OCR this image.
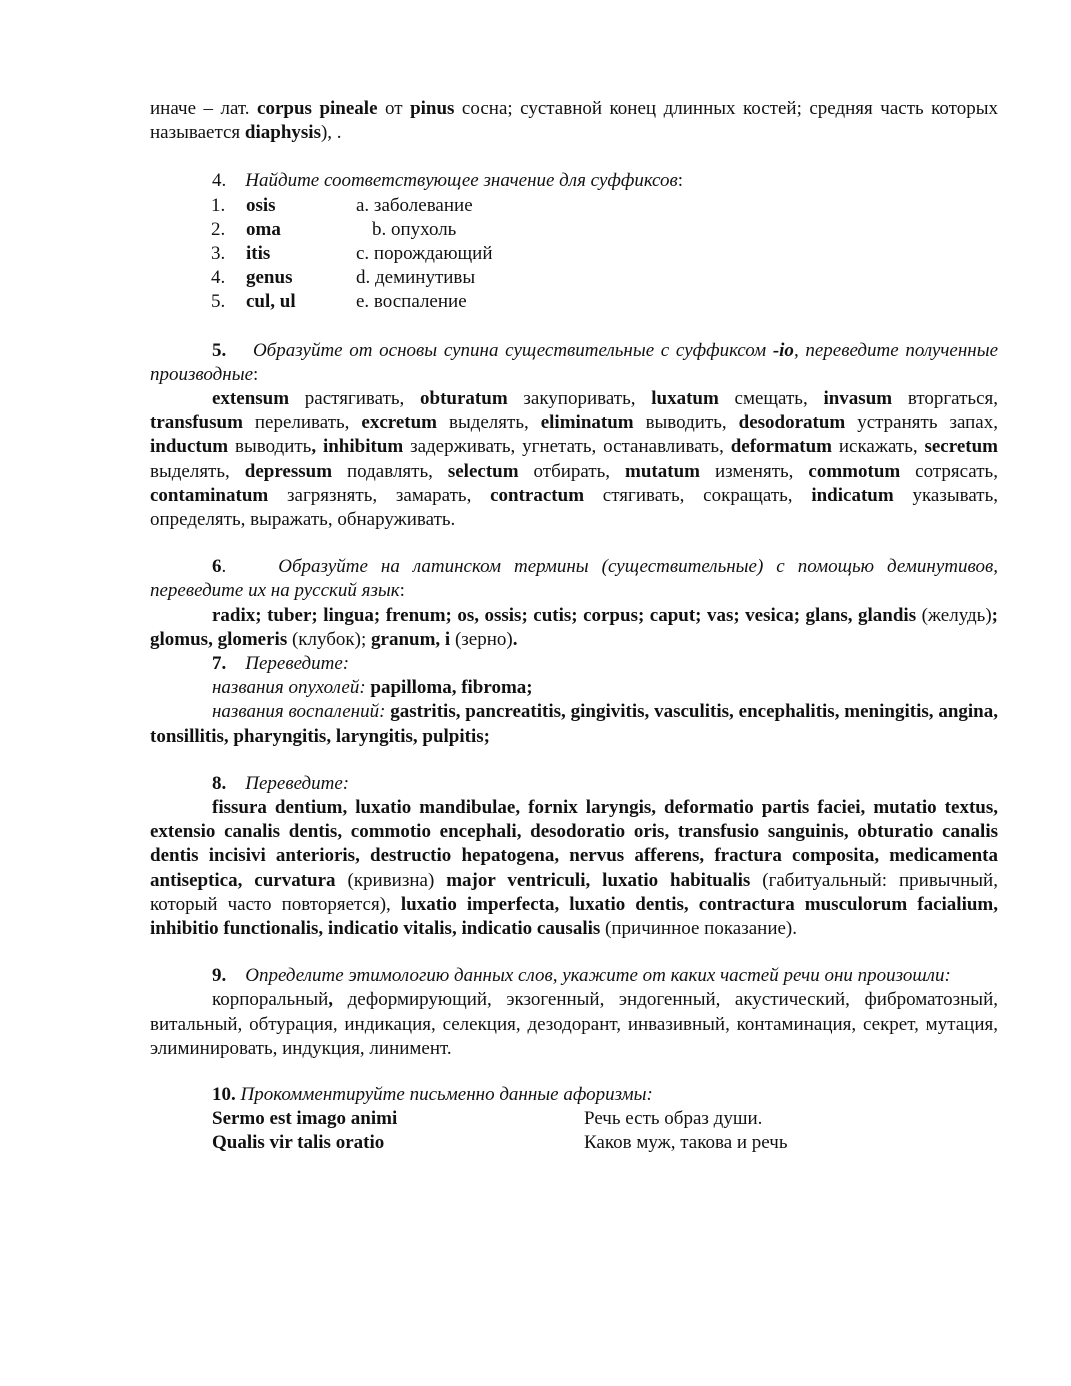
иначе – лат. corpus pineale от pinus сосна; суставной конец длинных костей; средняя часть которых называется diaphysis), .

4.    Найдите соответствующее значение для суффиксов:

1.	osis	a. заболевание
2.	oma	b. опухоль
3.	itis	c. порождающий
4.	genus	d. деминутивы
5.	cul, ul	e. воспаление

5. Образуйте от основы супина существительные с суффиксом -io, переведите полученные производные:

extensum растягивать, obturatum закупоривать, luxatum смещать, invasum вторгаться, transfusum переливать, excretum выделять, eliminatum выводить, desodoratum устранять запах, inductum выводить, inhibitum задерживать, угнетать, останавливать, deformatum искажать, secretum выделять, depressum подавлять, selectum отбирать, mutatum изменять, commotum сотрясать, contaminatum загрязнять, замарать, contractum стягивать, сокращать, indicatum указывать, определять, выражать, обнаруживать.

6.    Образуйте на латинском термины (существительные) с помощью деминутивов, переведите их на русский язык:

radix; tuber; lingua; frenum; os, ossis; cutis; corpus; caput; vas; vesica; glans, glandis (желудь); glomus, glomeris (клубок); granum, i (зерно).

7. Переведите:

названия опухолей: papilloma, fibroma;

названия воспалений: gastritis, pancreatitis, gingivitis, vasculitis, encephalitis, meningitis, angina, tonsillitis, pharyngitis, laryngitis, pulpitis;

8. Переведите:

fissura dentium, luxatio mandibulae, fornix laryngis, deformatio partis faciei, mutatio textus, extensio canalis dentis, commotio encephali, desodoratio oris, transfusio sanguinis, obturatio canalis dentis incisivi anterioris, destructio hepatogena, nervus afferens, fractura composita, medicamenta antiseptica, curvatura (кривизна) major ventriculi, luxatio habitualis (габитуальный: привычный, который часто повторяется), luxatio imperfecta, luxatio dentis, contractura musculorum facialium, inhibitio functionalis, indicatio vitalis, indicatio causalis (причинное показание).

9. Определите этимологию данных слов, укажите от каких частей речи они произошли:

корпоральный, деформирующий, экзогенный, эндогенный, акустический, фиброматозный, витальный, обтурация, индикация, селекция, дезодорант, инвазивный, контаминация, секрет, мутация, элиминировать, индукция, линимент.

10. Прокомментируйте письменно данные афоризмы:

Sermo est imago animi	Речь есть образ души.
Qualis vir talis oratio	Каков муж, такова и речь
